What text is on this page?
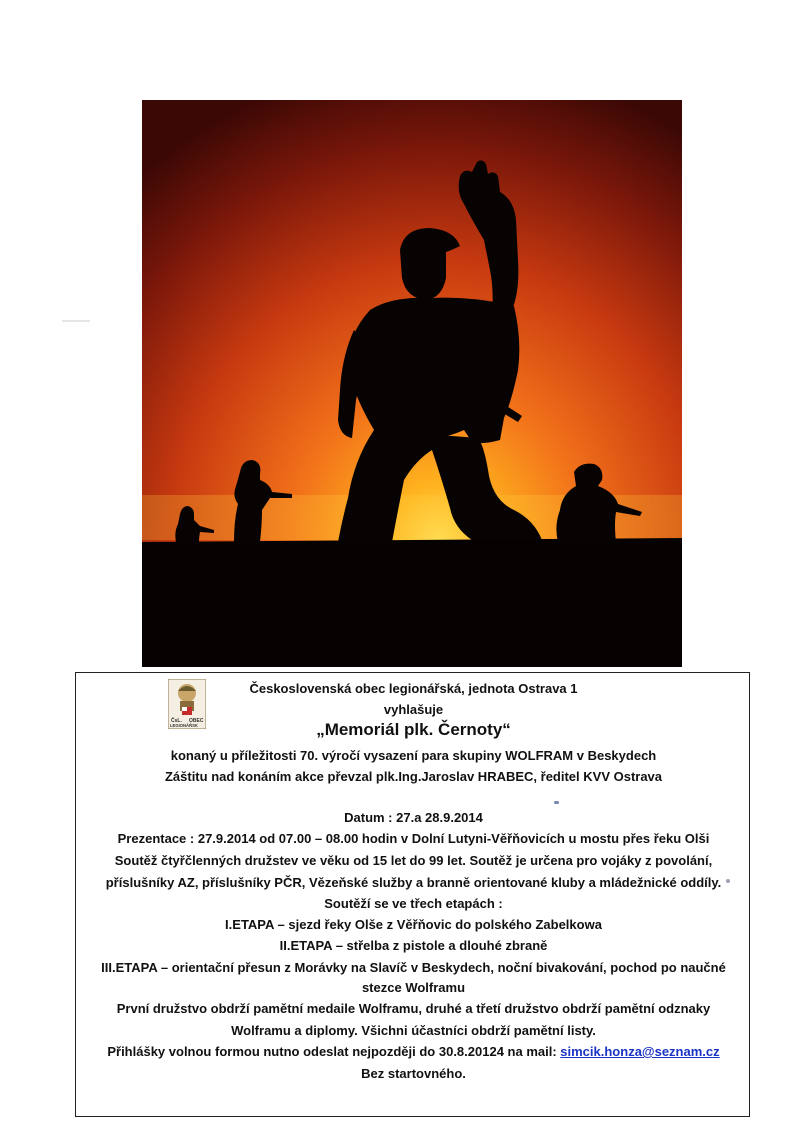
ČsL. OBEC
LEGIONÁŘSK
Československá obec legionářská, jednota Ostrava 1
vyhlašuje
„Memoriál plk. Černoty“
konaný u příležitosti 70. výročí vysazení para skupiny WOLFRAM v Beskydech
Záštitu nad konáním akce převzal plk.Ing.Jaroslav HRABEC, ředitel KVV Ostrava
Datum : 27.a 28.9.2014
Prezentace : 27.9.2014 od 07.00 – 08.00 hodin v Dolní Lutyni-Věřňovicích u mostu přes řeku Olši
Soutěž čtyřčlenných družstev ve věku od 15 let do 99 let. Soutěž je určena pro vojáky z povolání,
příslušníky AZ, příslušníky PČR, Vězeňské služby a branně orientované kluby a mládežnické oddíly.
Soutěží se ve třech etapách :
I.ETAPA – sjezd řeky Olše z Věřňovic do polského Zabelkowa
II.ETAPA – střelba z pistole a dlouhé zbraně
III.ETAPA – orientační přesun z Morávky na Slavíč v Beskydech, noční bivakování, pochod po naučné
stezce Wolframu
První družstvo obdrží pamětní medaile Wolframu, druhé a třetí družstvo obdrží pamětní odznaky
Wolframu a diplomy. Všichni účastníci obdrží pamětní listy.
Přihlášky volnou formou nutno odeslat nejpozději do 30.8.20124 na mail: simcik.honza@seznam.cz
Bez startovného.
